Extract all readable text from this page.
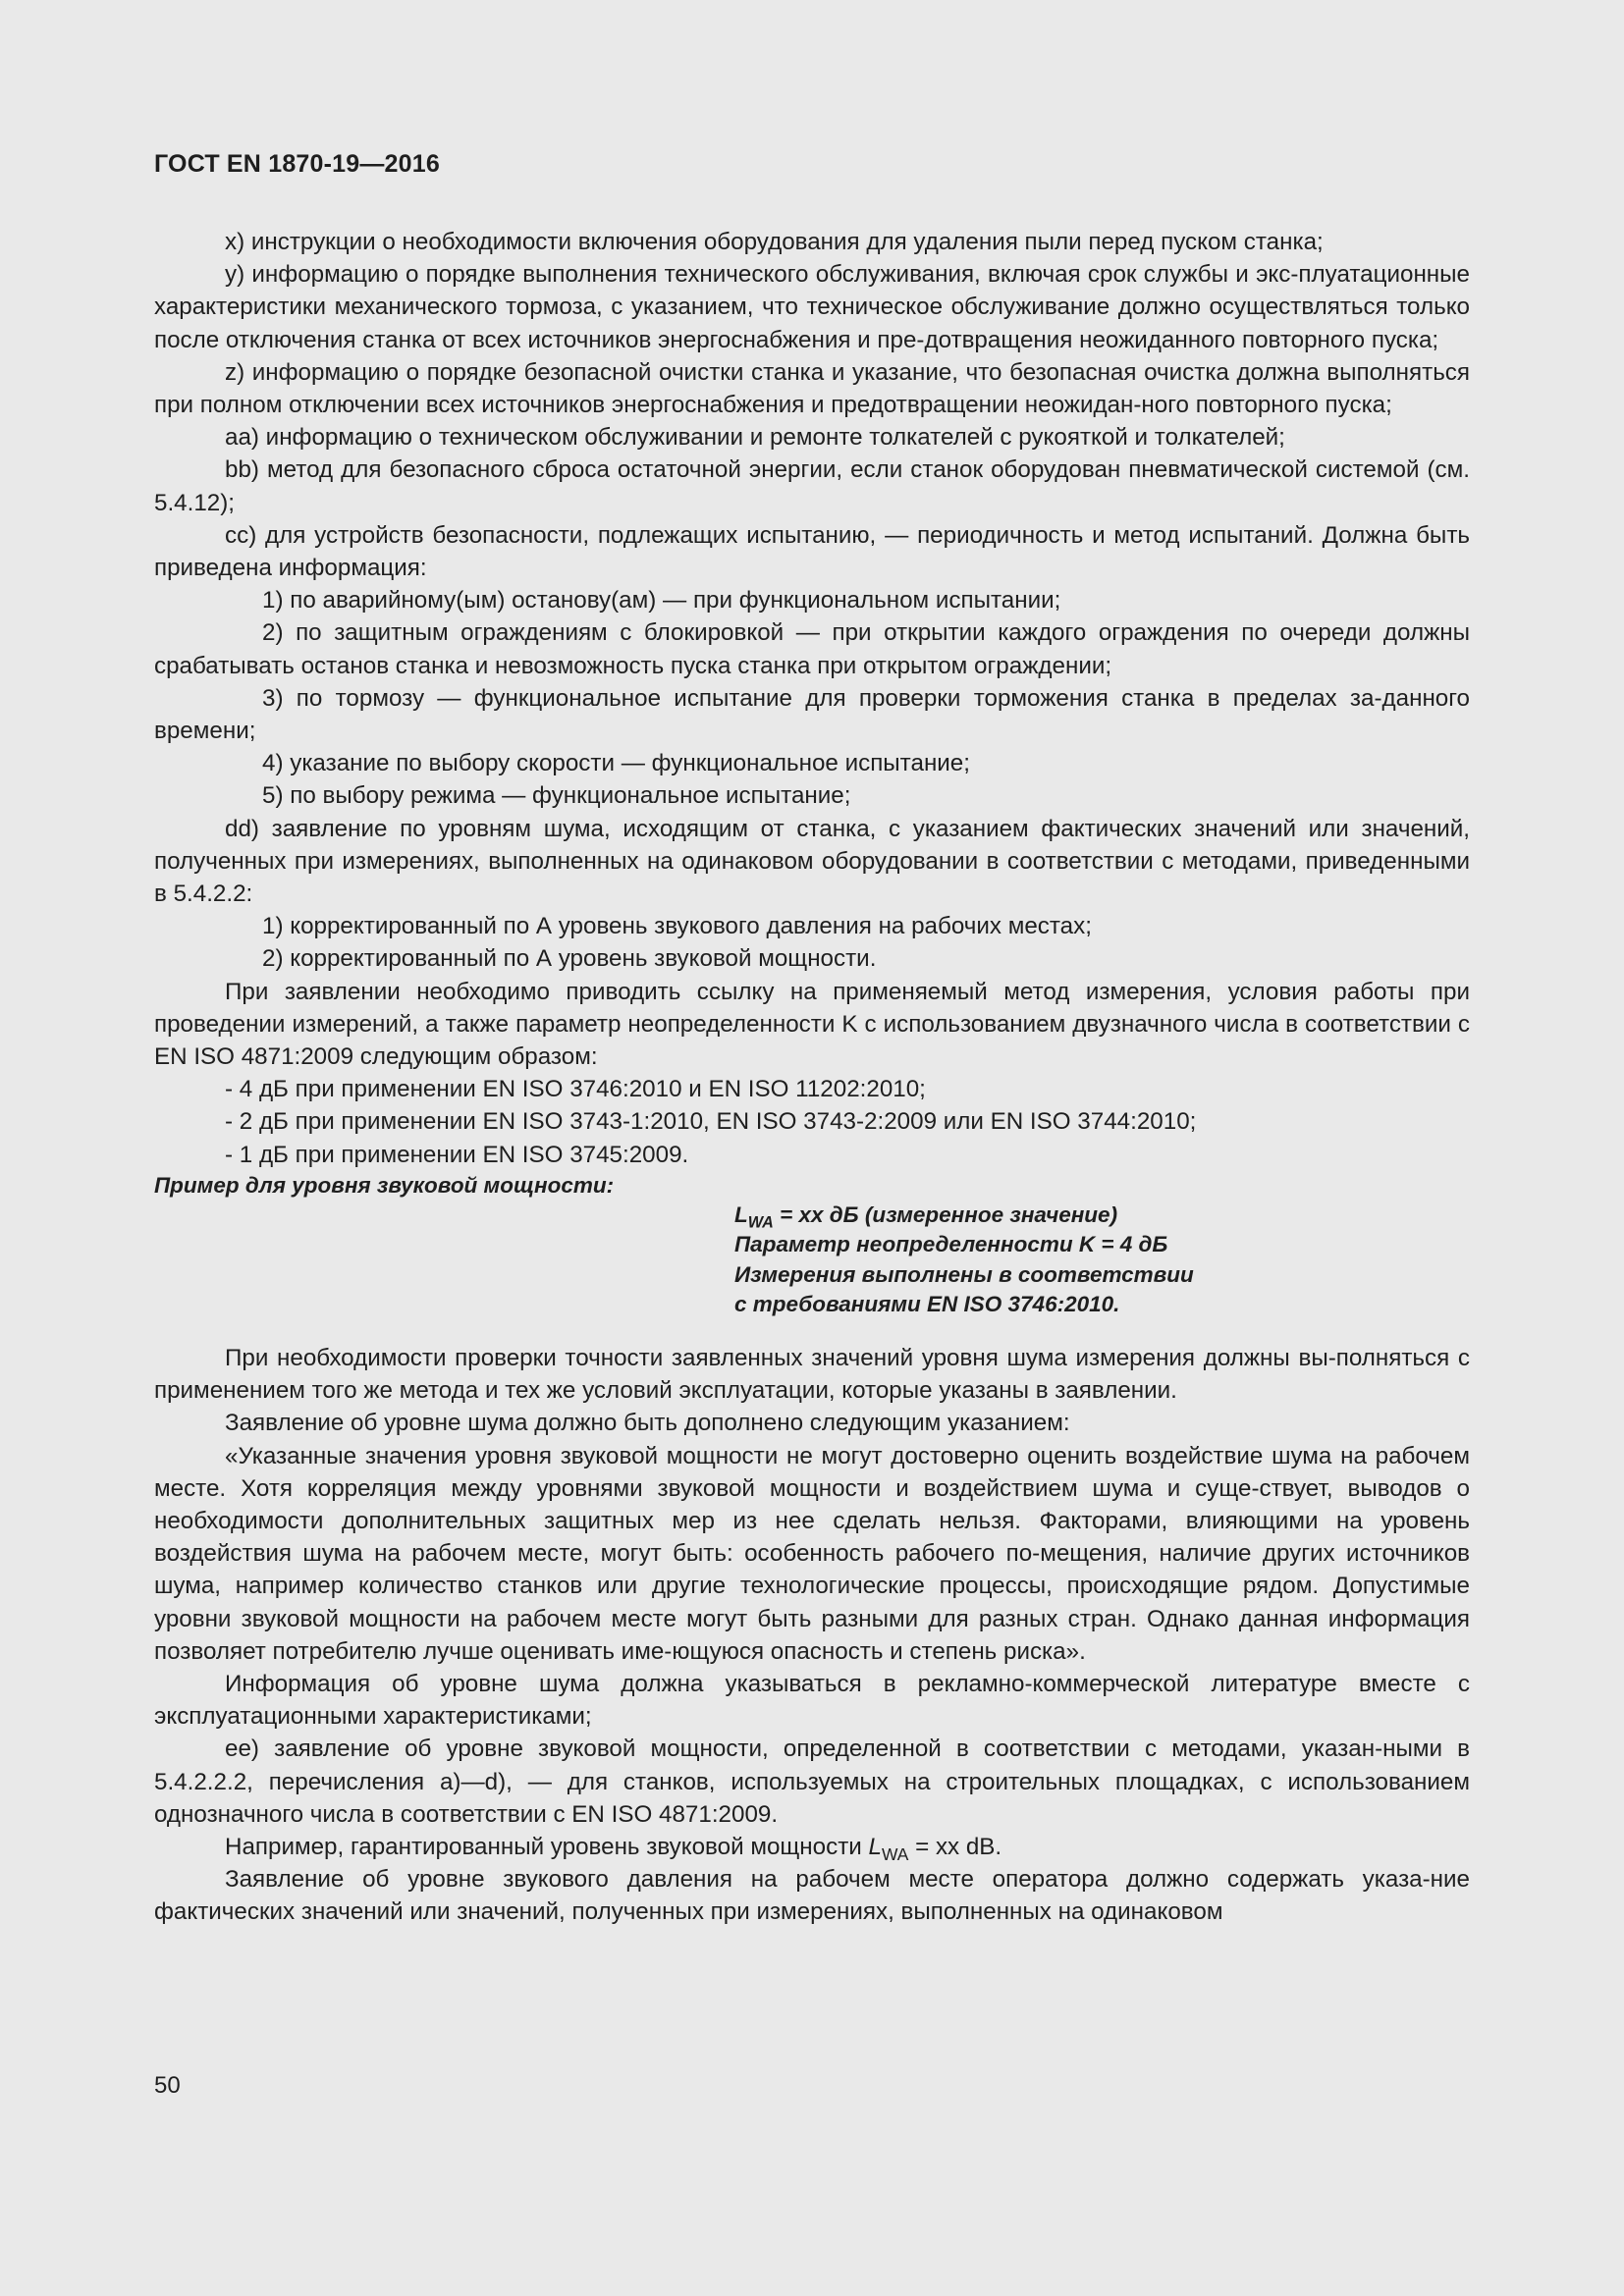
ГОСТ EN 1870-19—2016

x) инструкции о необходимости включения оборудования для удаления пыли перед пуском станка;

y) информацию о порядке выполнения технического обслуживания, включая срок службы и экс-плуатационные характеристики механического тормоза, с указанием, что техническое обслуживание должно осуществляться только после отключения станка от всех источников энергоснабжения и пре-дотвращения неожиданного повторного пуска;

z) информацию о порядке безопасной очистки станка и указание, что безопасная очистка должна выполняться при полном отключении всех источников энергоснабжения и предотвращении неожидан-ного повторного пуска;

aa) информацию о техническом обслуживании и ремонте толкателей с рукояткой и толкателей;

bb) метод для безопасного сброса остаточной энергии, если станок оборудован пневматической системой (см. 5.4.12);

cc) для устройств безопасности, подлежащих испытанию, — периодичность и метод испытаний. Должна быть приведена информация:

1) по аварийному(ым) останову(ам) — при функциональном испытании;

2) по защитным ограждениям с блокировкой — при открытии каждого ограждения по очереди должны срабатывать останов станка и невозможность пуска станка при открытом ограждении;

3) по тормозу — функциональное испытание для проверки торможения станка в пределах за-данного времени;

4) указание по выбору скорости — функциональное испытание;

5) по выбору режима — функциональное испытание;

dd) заявление по уровням шума, исходящим от станка, с указанием фактических значений или значений, полученных при измерениях, выполненных на одинаковом оборудовании в соответствии с методами, приведенными в 5.4.2.2:

1) корректированный по А уровень звукового давления на рабочих местах;

2) корректированный по А уровень звуковой мощности.

При заявлении необходимо приводить ссылку на применяемый метод измерения, условия работы при проведении измерений, а также параметр неопределенности K с использованием двузначного числа в соответствии с EN ISO 4871:2009 следующим образом:

- 4 дБ при применении EN ISO 3746:2010 и EN ISO 11202:2010;

- 2 дБ при применении EN ISO 3743-1:2010, EN ISO 3743-2:2009 или EN ISO 3744:2010;

- 1 дБ при применении EN ISO 3745:2009.

Пример для уровня звуковой мощности:

$L_{WA}$ = xx дБ (измеренное значение)
Параметр неопределенности K = 4 дБ
Измерения выполнены в соответствии
с требованиями EN ISO 3746:2010.

При необходимости проверки точности заявленных значений уровня шума измерения должны вы-полняться с применением того же метода и тех же условий эксплуатации, которые указаны в заявлении.

Заявление об уровне шума должно быть дополнено следующим указанием:

«Указанные значения уровня звуковой мощности не могут достоверно оценить воздействие шума на рабочем месте. Хотя корреляция между уровнями звуковой мощности и воздействием шума и суще-ствует, выводов о необходимости дополнительных защитных мер из нее сделать нельзя. Факторами, влияющими на уровень воздействия шума на рабочем месте, могут быть: особенность рабочего по-мещения, наличие других источников шума, например количество станков или другие технологические процессы, происходящие рядом. Допустимые уровни звуковой мощности на рабочем месте могут быть разными для разных стран. Однако данная информация позволяет потребителю лучше оценивать име-ющуюся опасность и степень риска».

Информация об уровне шума должна указываться в рекламно-коммерческой литературе вместе с эксплуатационными характеристиками;

ee) заявление об уровне звуковой мощности, определенной в соответствии с методами, указан-ными в 5.4.2.2.2, перечисления a)—d), — для станков, используемых на строительных площадках, с использованием однозначного числа в соответствии с EN ISO 4871:2009.

Например, гарантированный уровень звуковой мощности $L_{WA}$ = xx dB.

Заявление об уровне звукового давления на рабочем месте оператора должно содержать указа-ние фактических значений или значений, полученных при измерениях, выполненных на одинаковом

50
